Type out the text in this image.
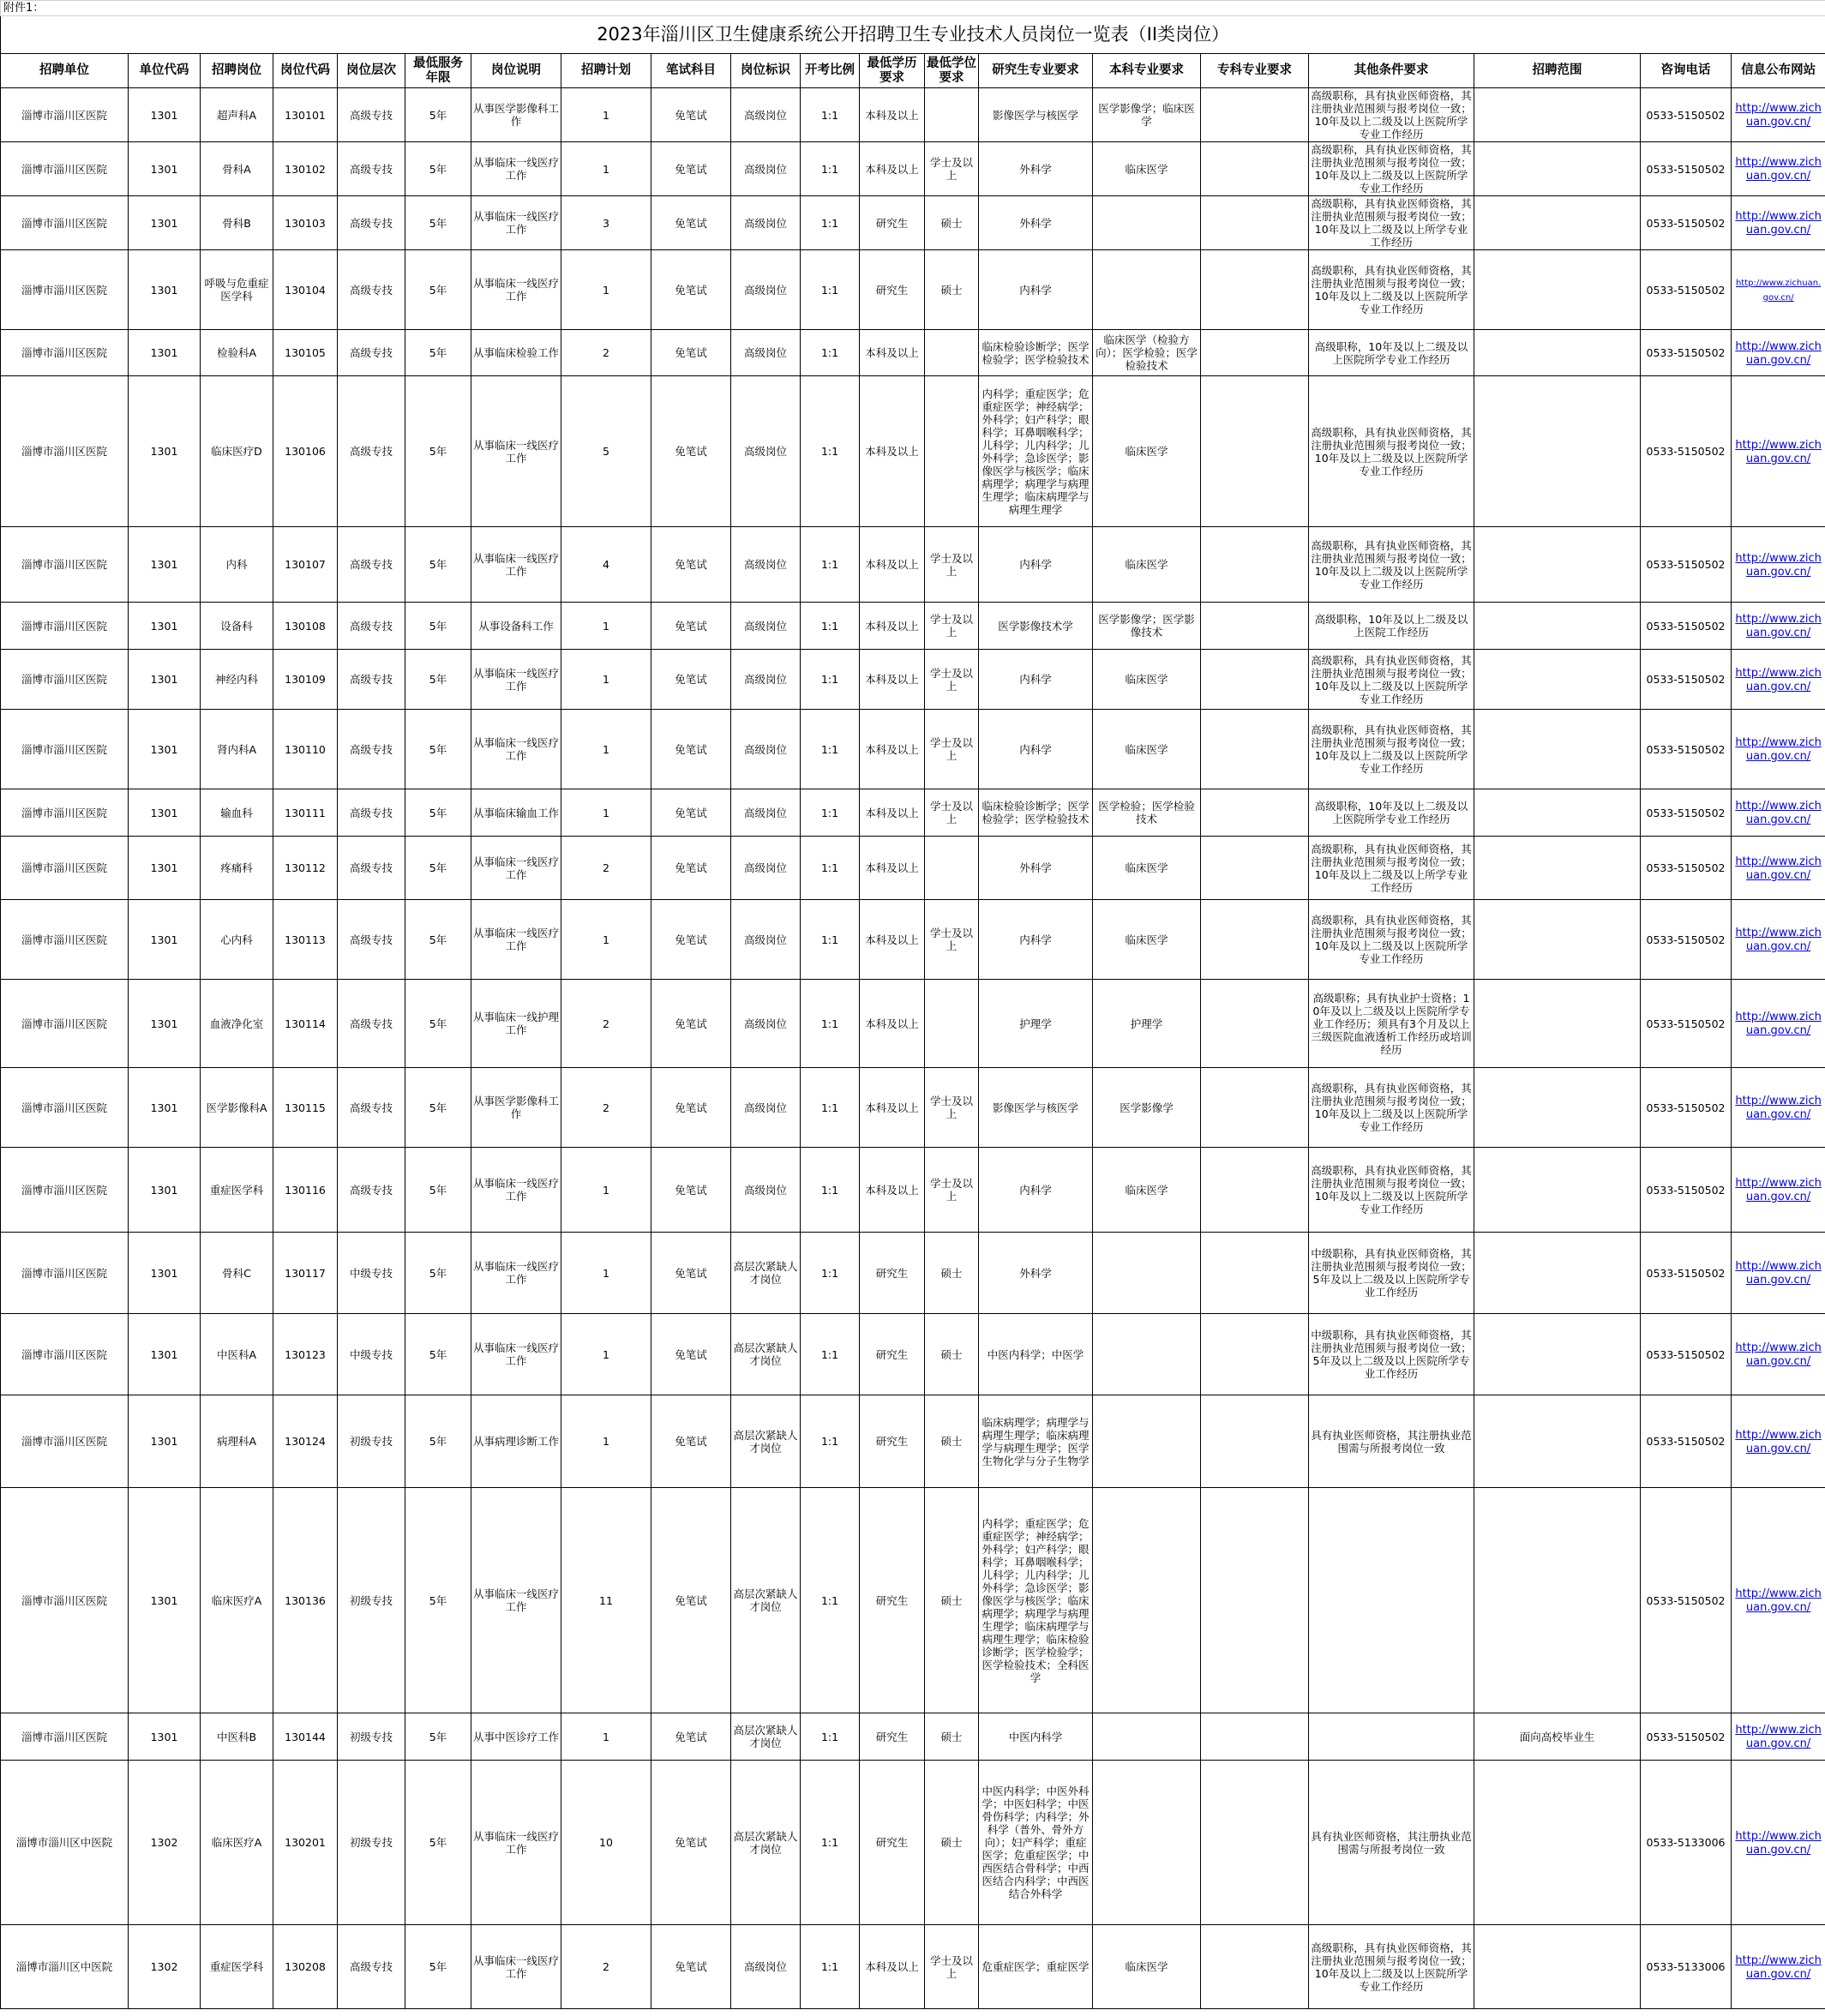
附件1：																			
2023年淄川区卫生健康系统公开招聘卫生专业技术人员岗位一览表（II类岗位）																			
招聘单位	单位代码	招聘岗位	岗位代码	岗位层次	最低服务年限	岗位说明	招聘计划	笔试科目	岗位标识	开考比例	最低学历要求	最低学位要求	研究生专业要求	本科专业要求	专科专业要求	其他条件要求	招聘范围	咨询电话	信息公布网站
淄博市淄川区医院	1301	超声科A	130101	高级专技	5年	从事医学影像科工作	1	免笔试	高级岗位	1:1	本科及以上		影像医学与核医学	医学影像学；临床医学		高级职称，具有执业医师资格，其注册执业范围须与报考岗位一致；10年及以上二级及以上医院所学专业工作经历		0533-5150502	http://www.zichuan.gov.cn/
淄博市淄川区医院	1301	骨科A	130102	高级专技	5年	从事临床一线医疗工作	1	免笔试	高级岗位	1:1	本科及以上	学士及以上	外科学	临床医学		高级职称，具有执业医师资格，其注册执业范围须与报考岗位一致；10年及以上二级及以上医院所学专业工作经历		0533-5150502	http://www.zichuan.gov.cn/
淄博市淄川区医院	1301	骨科B	130103	高级专技	5年	从事临床一线医疗工作	3	免笔试	高级岗位	1:1	研究生	硕士	外科学			高级职称，具有执业医师资格，其注册执业范围须与报考岗位一致；10年及以上二级及以上所学专业工作经历		0533-5150502	http://www.zichuan.gov.cn/
淄博市淄川区医院	1301	呼吸与危重症医学科	130104	高级专技	5年	从事临床一线医疗工作	1	免笔试	高级岗位	1:1	研究生	硕士	内科学			高级职称，具有执业医师资格，其注册执业范围须与报考岗位一致；10年及以上二级及以上医院所学专业工作经历		0533-5150502	http://www.zichuan.gov.cn/
淄博市淄川区医院	1301	检验科A	130105	高级专技	5年	从事临床检验工作	2	免笔试	高级岗位	1:1	本科及以上		临床检验诊断学；医学检验学；医学检验技术	临床医学（检验方向）；医学检验；医学检验技术		高级职称，10年及以上二级及以上医院所学专业工作经历		0533-5150502	http://www.zichuan.gov.cn/
淄博市淄川区医院	1301	临床医疗D	130106	高级专技	5年	从事临床一线医疗工作	5	免笔试	高级岗位	1:1	本科及以上		内科学；重症医学；危重症医学；神经病学；外科学；妇产科学；眼科学；耳鼻咽喉科学；儿科学；儿内科学；儿外科学；急诊医学；影像医学与核医学；临床病理学；病理学与病理生理学；临床病理学与病理生理学	临床医学		高级职称，具有执业医师资格，其注册执业范围须与报考岗位一致；10年及以上二级及以上医院所学专业工作经历		0533-5150502	http://www.zichuan.gov.cn/
淄博市淄川区医院	1301	内科	130107	高级专技	5年	从事临床一线医疗工作	4	免笔试	高级岗位	1:1	本科及以上	学士及以上	内科学	临床医学		高级职称，具有执业医师资格，其注册执业范围须与报考岗位一致；10年及以上二级及以上医院所学专业工作经历		0533-5150502	http://www.zichuan.gov.cn/
淄博市淄川区医院	1301	设备科	130108	高级专技	5年	从事设备科工作	1	免笔试	高级岗位	1:1	本科及以上	学士及以上	医学影像技术学	医学影像学；医学影像技术		高级职称，10年及以上二级及以上医院工作经历		0533-5150502	http://www.zichuan.gov.cn/
淄博市淄川区医院	1301	神经内科	130109	高级专技	5年	从事临床一线医疗工作	1	免笔试	高级岗位	1:1	本科及以上	学士及以上	内科学	临床医学		高级职称，具有执业医师资格，其注册执业范围须与报考岗位一致；10年及以上二级及以上医院所学专业工作经历		0533-5150502	http://www.zichuan.gov.cn/
淄博市淄川区医院	1301	肾内科A	130110	高级专技	5年	从事临床一线医疗工作	1	免笔试	高级岗位	1:1	本科及以上	学士及以上	内科学	临床医学		高级职称，具有执业医师资格，其注册执业范围须与报考岗位一致；10年及以上二级及以上医院所学专业工作经历		0533-5150502	http://www.zichuan.gov.cn/
淄博市淄川区医院	1301	输血科	130111	高级专技	5年	从事临床输血工作	1	免笔试	高级岗位	1:1	本科及以上	学士及以上	临床检验诊断学；医学检验学；医学检验技术	医学检验；医学检验技术		高级职称，10年及以上二级及以上医院所学专业工作经历		0533-5150502	http://www.zichuan.gov.cn/
淄博市淄川区医院	1301	疼痛科	130112	高级专技	5年	从事临床一线医疗工作	2	免笔试	高级岗位	1:1	本科及以上		外科学	临床医学		高级职称，具有执业医师资格，其注册执业范围须与报考岗位一致；10年及以上二级及以上所学专业工作经历		0533-5150502	http://www.zichuan.gov.cn/
淄博市淄川区医院	1301	心内科	130113	高级专技	5年	从事临床一线医疗工作	1	免笔试	高级岗位	1:1	本科及以上	学士及以上	内科学	临床医学		高级职称，具有执业医师资格，其注册执业范围须与报考岗位一致；10年及以上二级及以上医院所学专业工作经历		0533-5150502	http://www.zichuan.gov.cn/
淄博市淄川区医院	1301	血液净化室	130114	高级专技	5年	从事临床一线护理工作	2	免笔试	高级岗位	1:1	本科及以上		护理学	护理学		高级职称；具有执业护士资格；10年及以上二级及以上医院所学专业工作经历；须具有3个月及以上三级医院血液透析工作经历或培训经历		0533-5150502	http://www.zichuan.gov.cn/
淄博市淄川区医院	1301	医学影像科A	130115	高级专技	5年	从事医学影像科工作	2	免笔试	高级岗位	1:1	本科及以上	学士及以上	影像医学与核医学	医学影像学		高级职称，具有执业医师资格，其注册执业范围须与报考岗位一致；10年及以上二级及以上医院所学专业工作经历		0533-5150502	http://www.zichuan.gov.cn/
淄博市淄川区医院	1301	重症医学科	130116	高级专技	5年	从事临床一线医疗工作	1	免笔试	高级岗位	1:1	本科及以上	学士及以上	内科学	临床医学		高级职称，具有执业医师资格，其注册执业范围须与报考岗位一致；10年及以上二级及以上医院所学专业工作经历		0533-5150502	http://www.zichuan.gov.cn/
淄博市淄川区医院	1301	骨科C	130117	中级专技	5年	从事临床一线医疗工作	1	免笔试	高层次紧缺人才岗位	1:1	研究生	硕士	外科学			中级职称，具有执业医师资格，其注册执业范围须与报考岗位一致；5年及以上二级及以上医院所学专业工作经历		0533-5150502	http://www.zichuan.gov.cn/
淄博市淄川区医院	1301	中医科A	130123	中级专技	5年	从事临床一线医疗工作	1	免笔试	高层次紧缺人才岗位	1:1	研究生	硕士	中医内科学；中医学			中级职称，具有执业医师资格，其注册执业范围须与报考岗位一致；5年及以上二级及以上医院所学专业工作经历		0533-5150502	http://www.zichuan.gov.cn/
淄博市淄川区医院	1301	病理科A	130124	初级专技	5年	从事病理诊断工作	1	免笔试	高层次紧缺人才岗位	1:1	研究生	硕士	临床病理学；病理学与病理生理学；临床病理学与病理生理学；医学生物化学与分子生物学			具有执业医师资格，其注册执业范围需与所报考岗位一致		0533-5150502	http://www.zichuan.gov.cn/
淄博市淄川区医院	1301	临床医疗A	130136	初级专技	5年	从事临床一线医疗工作	11	免笔试	高层次紧缺人才岗位	1:1	研究生	硕士	内科学；重症医学；危重症医学；神经病学；外科学；妇产科学；眼科学；耳鼻咽喉科学；儿科学；儿内科学；儿外科学；急诊医学；影像医学与核医学；临床病理学；病理学与病理生理学；临床病理学与病理生理学；临床检验诊断学；医学检验学；医学检验技术；全科医学					0533-5150502	http://www.zichuan.gov.cn/
淄博市淄川区医院	1301	中医科B	130144	初级专技	5年	从事中医诊疗工作	1	免笔试	高层次紧缺人才岗位	1:1	研究生	硕士	中医内科学				面向高校毕业生	0533-5150502	http://www.zichuan.gov.cn/
淄博市淄川区中医院	1302	临床医疗A	130201	初级专技	5年	从事临床一线医疗工作	10	免笔试	高层次紧缺人才岗位	1:1	研究生	硕士	中医内科学；中医外科学；中医妇科学；中医骨伤科学；内科学；外科学（普外、骨外方向）；妇产科学；重症医学；危重症医学；中西医结合骨科学；中西医结合内科学；中西医结合外科学			具有执业医师资格，其注册执业范围需与所报考岗位一致		0533-5133006	http://www.zichuan.gov.cn/
淄博市淄川区中医院	1302	重症医学科	130208	高级专技	5年	从事临床一线医疗工作	2	免笔试	高级岗位	1:1	本科及以上	学士及以上	危重症医学；重症医学	临床医学		高级职称，具有执业医师资格，其注册执业范围须与报考岗位一致；10年及以上二级及以上医院所学专业工作经历		0533-5133006	http://www.zichuan.gov.cn/
